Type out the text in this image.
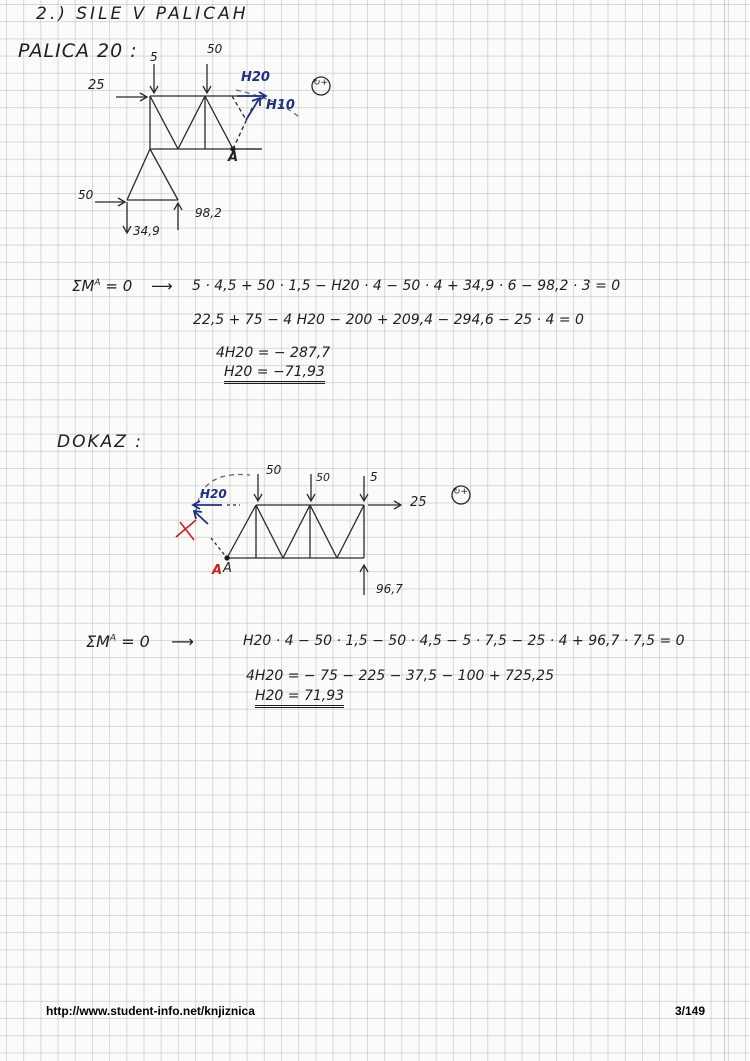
2.) SILE V PALICAH
PALICA 20 : 5
50
25
H20
H10
A
↻+
50
34,9
98,2
$\Sigma M^A = 0$ ⟶ 5 · 4,5 + 50 · 1,5 − H20 · 4 − 50 · 4 + 34,9 · 6 − 98,2 · 3 = 0
22,5 + 75 − 4 H20 − 200 + 209,4 − 294,6 − 25 · 4 = 0
4H20 = − 287,7
H20 = −71,93
DOKAZ :
50
50	5
25
H20
A A
↻+
96,7
$\Sigma M^A = 0$ ⟶	H20 · 4 − 50 · 1,5 − 50 · 4,5 − 5 · 7,5 − 25 · 4 + 96,7 · 7,5 = 0
4H20 = − 75 − 225 − 37,5 − 100 + 725,25
H20 = 71,93
http://www.student-info.net/knjiznica	3/149
